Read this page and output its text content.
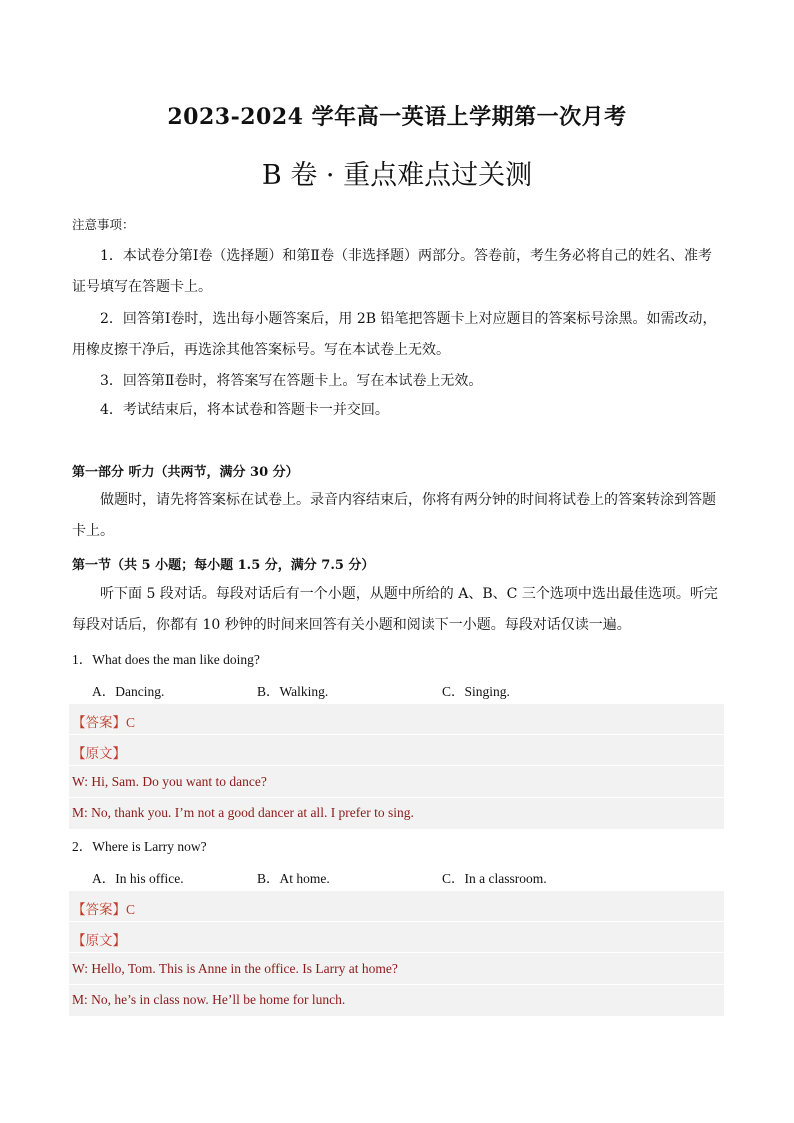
2023-2024 学年高一英语上学期第一次月考
B 卷 · 重点难点过关测
注意事项：
1．本试卷分第Ⅰ卷（选择题）和第Ⅱ卷（非选择题）两部分。答卷前，考生务必将自己的姓名、准考
证号填写在答题卡上。
2．回答第Ⅰ卷时，选出每小题答案后，用 2B 铅笔把答题卡上对应题目的答案标号涂黑。如需改动，
用橡皮擦干净后，再选涂其他答案标号。写在本试卷上无效。
3．回答第Ⅱ卷时，将答案写在答题卡上。写在本试卷上无效。
4．考试结束后，将本试卷和答题卡一并交回。
第一部分 听力（共两节，满分 30 分）
做题时，请先将答案标在试卷上。录音内容结束后，你将有两分钟的时间将试卷上的答案转涂到答题
卡上。
第一节（共 5 小题；每小题 1.5 分，满分 7.5 分）
听下面 5 段对话。每段对话后有一个小题，从题中所给的 A、B、C 三个选项中选出最佳选项。听完
每段对话后，你都有 10 秒钟的时间来回答有关小题和阅读下一小题。每段对话仅读一遍。
1．What does the man like doing?
A．Dancing.	B．Walking.	C．Singing.
【答案】C
【原文】
W: Hi, Sam. Do you want to dance?
M: No, thank you. I’m not a good dancer at all. I prefer to sing.
2．Where is Larry now?
A．In his office.	B．At home.	C．In a classroom.
【答案】C
【原文】
W: Hello, Tom. This is Anne in the office. Is Larry at home?
M: No, he’s in class now. He’ll be home for lunch.
